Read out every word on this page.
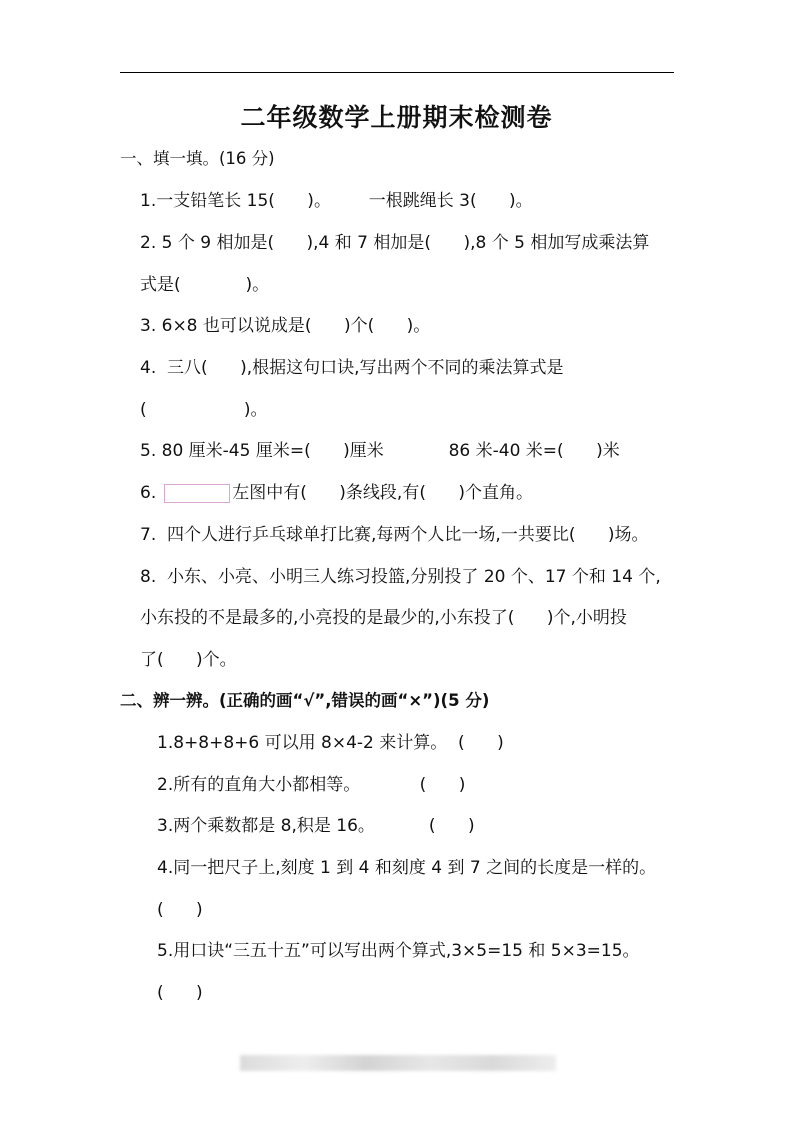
二年级数学上册期末检测卷
一、填一填。(16 分)
1.一支铅笔长 15(      )。       一根跳绳长 3(      )。
2. 5 个 9 相加是(      ),4 和 7 相加是(      ),8 个 5 相加写成乘法算
式是(            )。
3. 6×8 也可以说成是(      )个(      )。
4.  三八(      ),根据这句口诀,写出两个不同的乘法算式是
(                  )。
5. 80 厘米-45 厘米=(      )厘米            86 米-40 米=(      )米
6.	左图中有(      )条线段,有(      )个直角。
7.  四个人进行乒乓球单打比赛,每两个人比一场,一共要比(      )场。
8.  小东、小亮、小明三人练习投篮,分别投了 20 个、17 个和 14 个,
小东投的不是最多的,小亮投的是最少的,小东投了(      )个,小明投
了(      )个。
二、辨一辨。(正确的画“√”,错误的画“×”)(5 分)
1.8+8+8+6 可以用 8×4-2 来计算。  (      )
2.所有的直角大小都相等。           (      )
3.两个乘数都是 8,积是 16。          (      )
4.同一把尺子上,刻度 1 到 4 和刻度 4 到 7 之间的长度是一样的。
(      )
5.用口诀“三五十五”可以写出两个算式,3×5=15 和 5×3=15。
(      )
